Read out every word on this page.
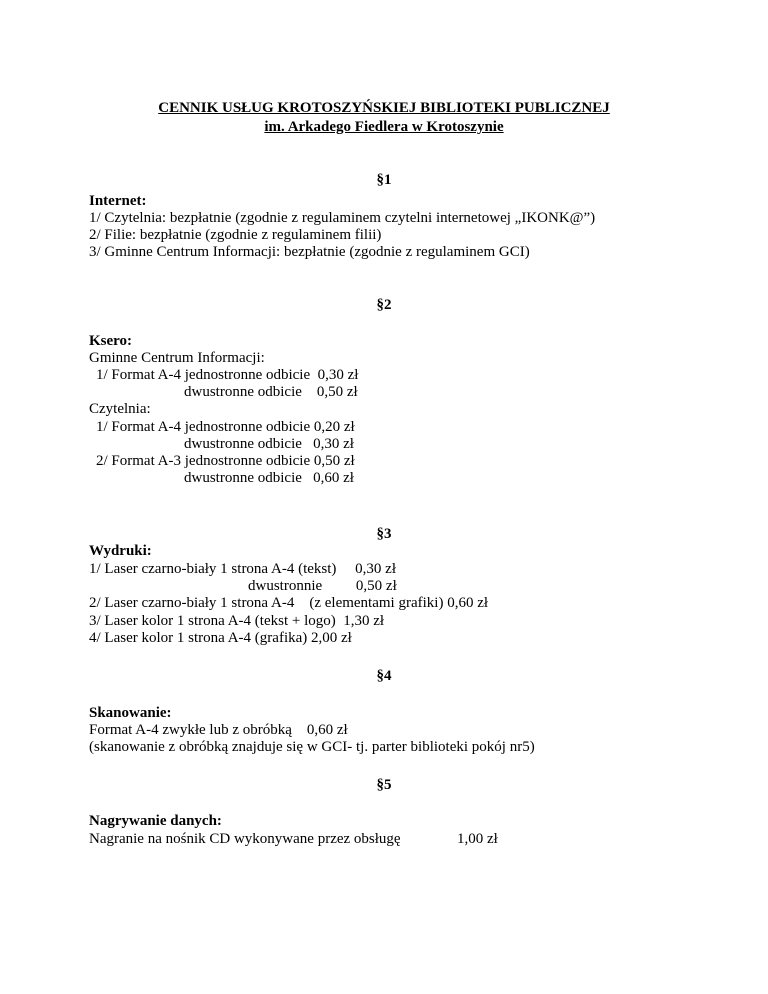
CENNIK USŁUG KROTOSZYŃSKIEJ BIBLIOTEKI PUBLICZNEJ
im. Arkadego Fiedlera w Krotoszynie
§1
Internet:
1/ Czytelnia: bezpłatnie (zgodnie z regulaminem czytelni internetowej „IKONK@”)
2/ Filie: bezpłatnie (zgodnie z regulaminem filii)
3/ Gminne Centrum Informacji: bezpłatnie (zgodnie z regulaminem GCI)
§2
Ksero:
Gminne Centrum Informacji:
1/ Format A-4 jednostronne odbicie  0,30 zł
dwustronne odbicie    0,50 zł
Czytelnia:
1/ Format A-4 jednostronne odbicie 0,20 zł
dwustronne odbicie   0,30 zł
2/ Format A-3 jednostronne odbicie 0,50 zł
dwustronne odbicie   0,60 zł
§3
Wydruki:
1/ Laser czarno-biały 1 strona A-4 (tekst)     0,30 zł
dwustronnie         0,50 zł
2/ Laser czarno-biały 1 strona A-4    (z elementami grafiki) 0,60 zł
3/ Laser kolor 1 strona A-4 (tekst + logo)  1,30 zł
4/ Laser kolor 1 strona A-4 (grafika) 2,00 zł
§4
Skanowanie:
Format A-4 zwykłe lub z obróbką    0,60 zł
(skanowanie z obróbką znajduje się w GCI- tj. parter biblioteki pokój nr5)
§5
Nagrywanie danych:
Nagranie na nośnik CD wykonywane przez obsługę	1,00 zł
